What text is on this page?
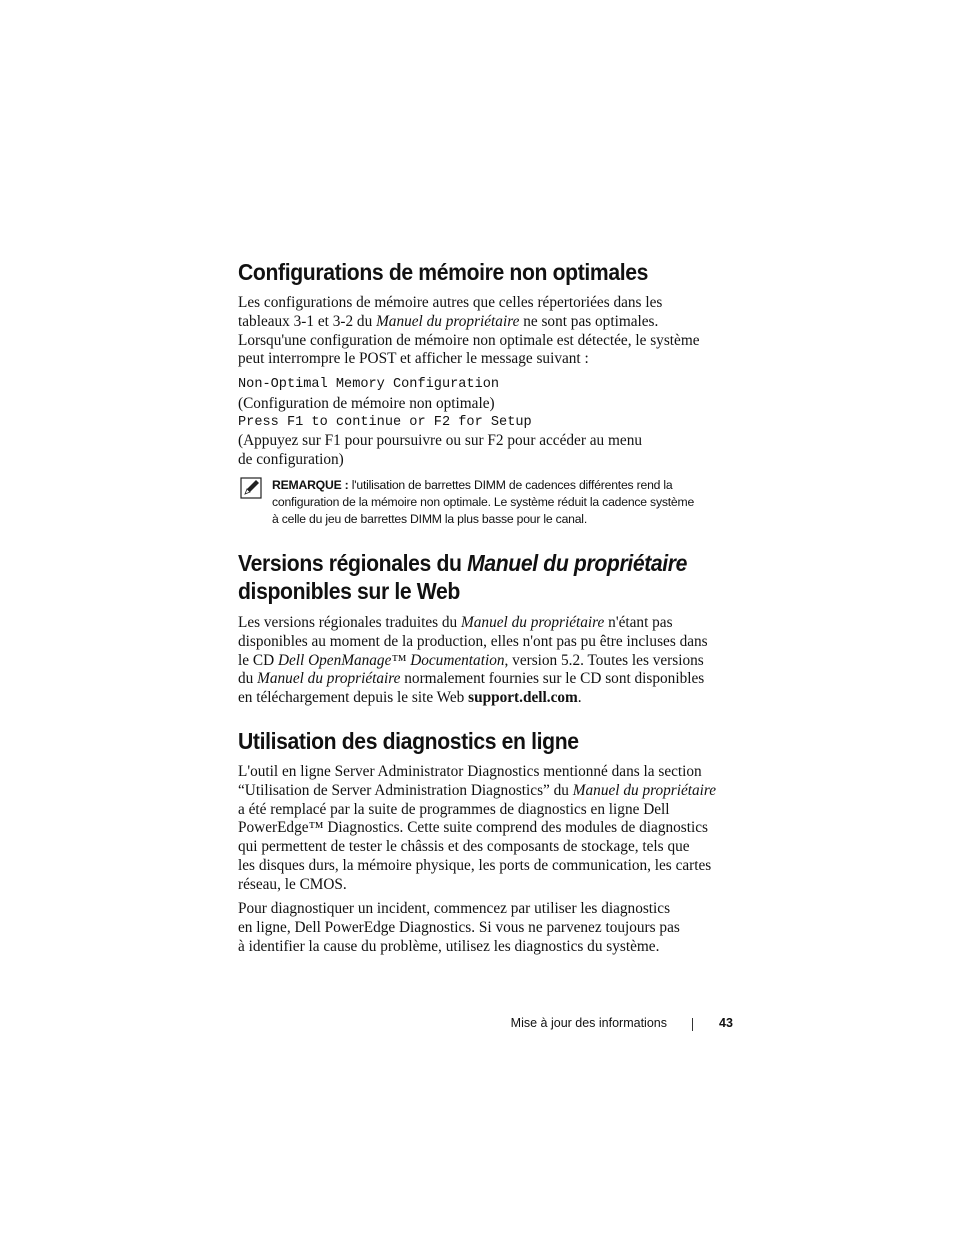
Configurations de mémoire non optimales
Les configurations de mémoire autres que celles répertoriées dans les
tableaux 3-1 et 3-2 du Manuel du propriétaire ne sont pas optimales.
Lorsqu'une configuration de mémoire non optimale est détectée, le système
peut interrompre le POST et afficher le message suivant :
Non-Optimal Memory Configuration
(Configuration de mémoire non optimale)
Press F1 to continue or F2 for Setup
(Appuyez sur F1 pour poursuivre ou sur F2 pour accéder au menu
de configuration)
REMARQUE : l'utilisation de barrettes DIMM de cadences différentes rend la
configuration de la mémoire non optimale. Le système réduit la cadence système
à celle du jeu de barrettes DIMM la plus basse pour le canal.
Versions régionales du Manuel du propriétaire
disponibles sur le Web
Les versions régionales traduites du Manuel du propriétaire n'étant pas
disponibles au moment de la production, elles n'ont pas pu être incluses dans
le CD Dell OpenManage™ Documentation, version 5.2. Toutes les versions
du Manuel du propriétaire normalement fournies sur le CD sont disponibles
en téléchargement depuis le site Web support.dell.com.
Utilisation des diagnostics en ligne
L'outil en ligne Server Administrator Diagnostics mentionné dans la section
“Utilisation de Server Administration Diagnostics” du Manuel du propriétaire
a été remplacé par la suite de programmes de diagnostics en ligne Dell
PowerEdge™ Diagnostics. Cette suite comprend des modules de diagnostics
qui permettent de tester le châssis et des composants de stockage, tels que
les disques durs, la mémoire physique, les ports de communication, les cartes
réseau, le CMOS.
Pour diagnostiquer un incident, commencez par utiliser les diagnostics
en ligne, Dell PowerEdge Diagnostics. Si vous ne parvenez toujours pas
à identifier la cause du problème, utilisez les diagnostics du système.
Mise à jour des informations	43
